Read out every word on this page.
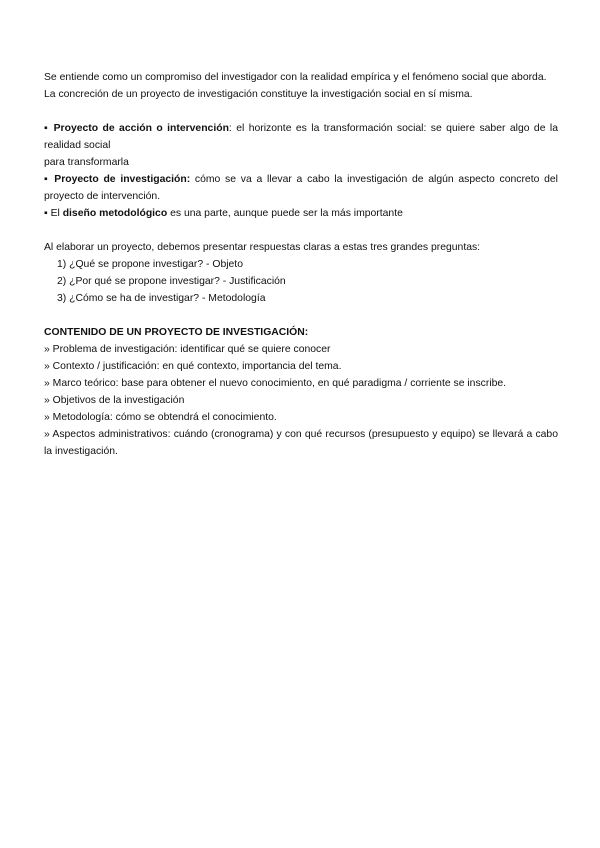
Se entiende como un compromiso del investigador con la realidad empírica y el fenómeno social que aborda.

La concreción de un proyecto de investigación constituye la investigación social en sí misma.

▪ Proyecto de acción o intervención: el horizonte es la transformación social: se quiere saber algo de la realidad social

para transformarla

▪ Proyecto de investigación: cómo se va a llevar a cabo la investigación de algún aspecto concreto del proyecto de intervención.

▪ El diseño metodológico es una parte, aunque puede ser la más importante

Al elaborar un proyecto, debemos presentar respuestas claras a estas tres grandes preguntas:

1) ¿Qué se propone investigar? - Objeto

2) ¿Por qué se propone investigar? - Justificación

3) ¿Cómo se ha de investigar? - Metodología

CONTENIDO DE UN PROYECTO DE INVESTIGACIÓN:

» Problema de investigación: identificar qué se quiere conocer

» Contexto / justificación: en qué contexto, importancia del tema.

» Marco teórico: base para obtener el nuevo conocimiento, en qué paradigma / corriente se inscribe.

» Objetivos de la investigación

» Metodología: cómo se obtendrá el conocimiento.

» Aspectos administrativos: cuándo (cronograma) y con qué recursos (presupuesto y equipo) se llevará a cabo la investigación.
